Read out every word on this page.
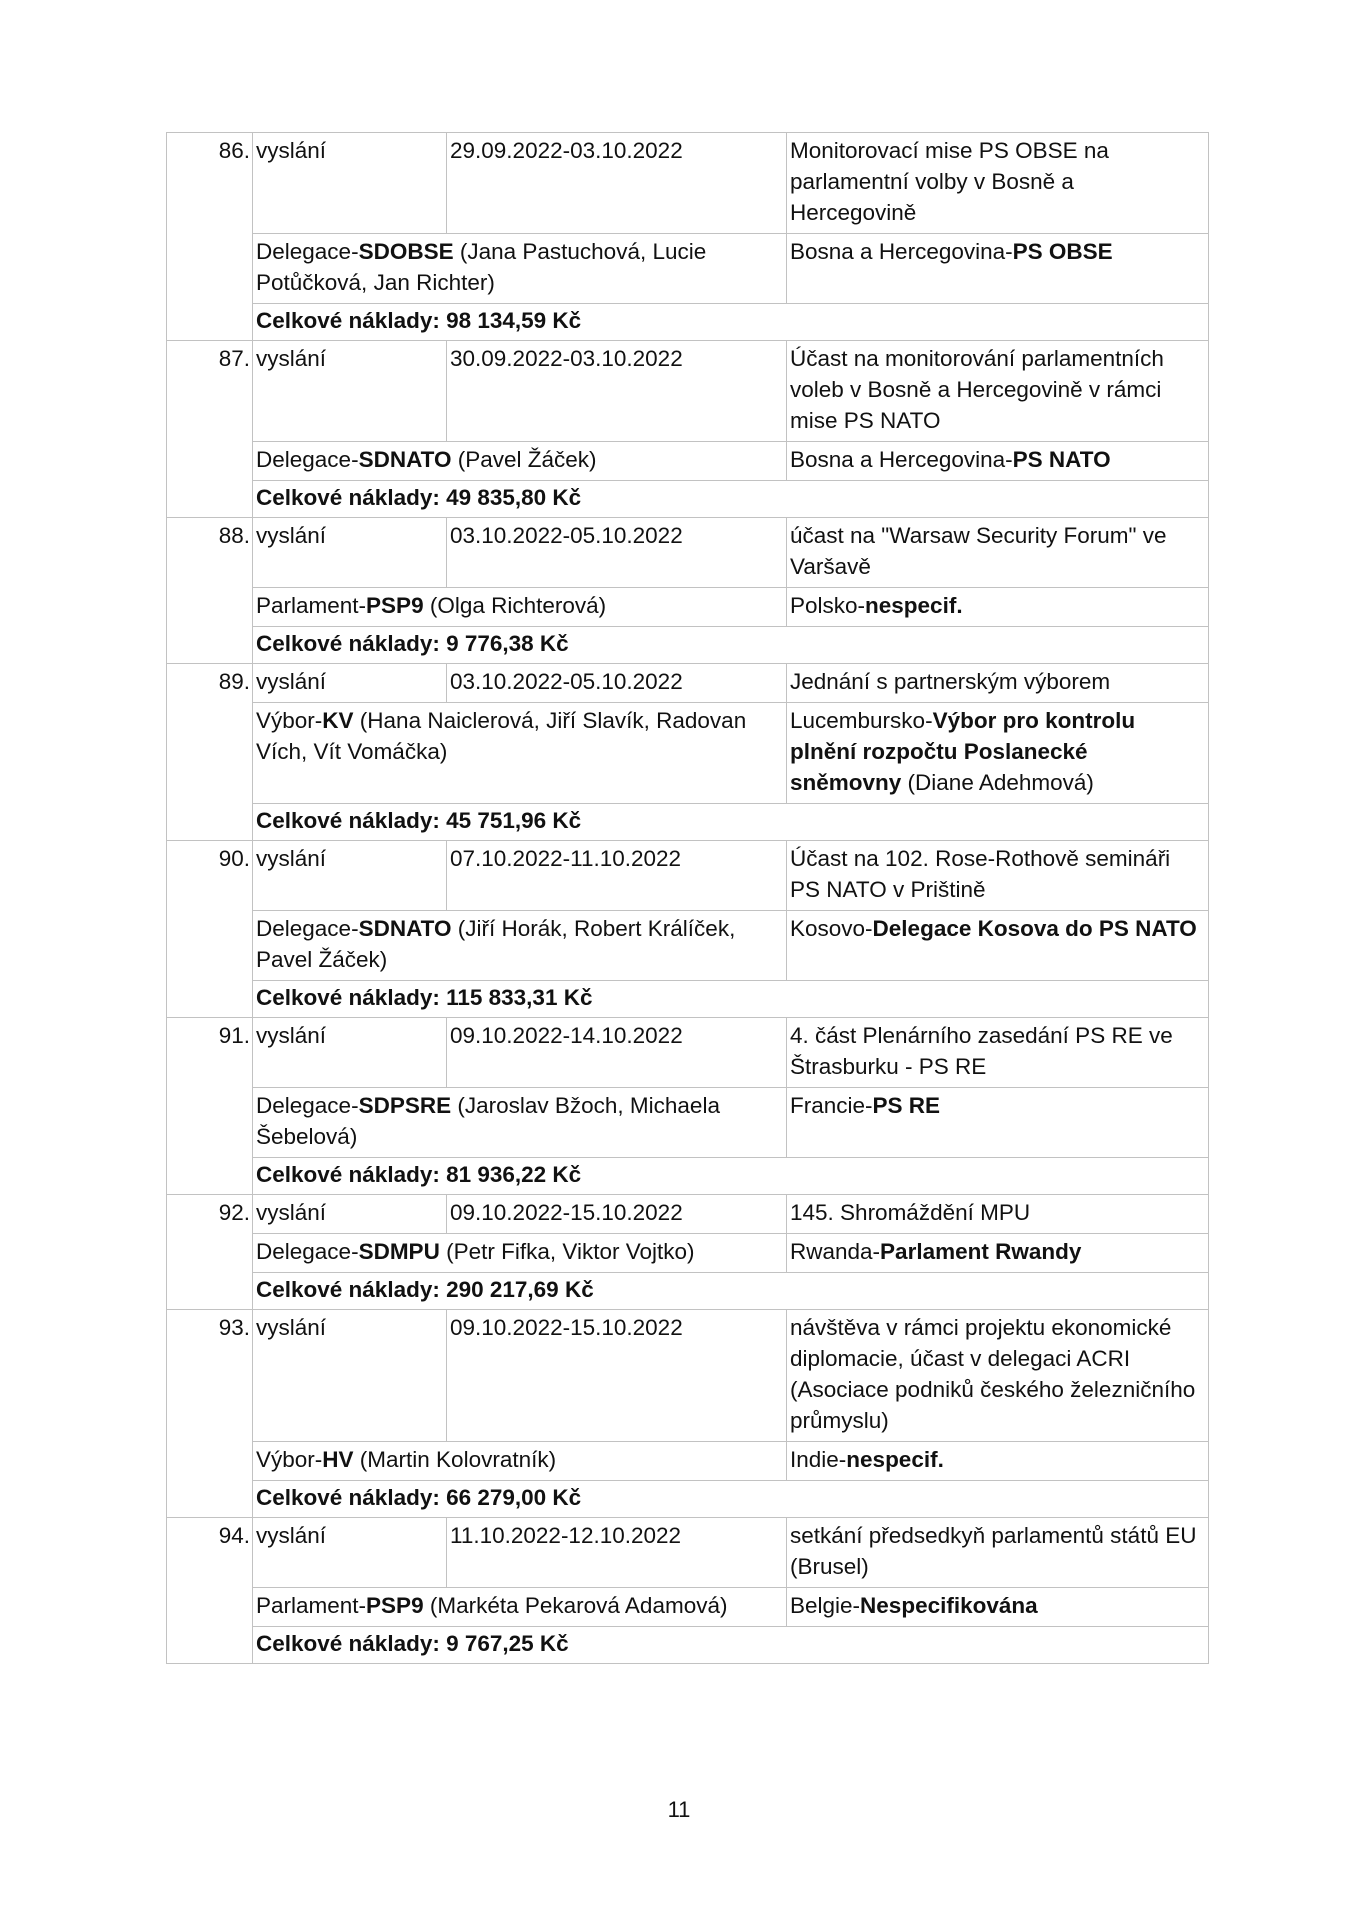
86.	vyslání	29.09.2022-03.10.2022	Monitorovací mise PS OBSE na parlamentní volby v Bosně a Hercegovině
	Delegace-SDOBSE (Jana Pastuchová, Lucie Potůčková, Jan Richter)		Bosna a Hercegovina-PS OBSE
	Celkové náklady: 98 134,59 Kč		
87.	vyslání	30.09.2022-03.10.2022	Účast na monitorování parlamentních voleb v Bosně a Hercegovině v rámci mise PS NATO
	Delegace-SDNATO (Pavel Žáček)		Bosna a Hercegovina-PS NATO
	Celkové náklady: 49 835,80 Kč		
88.	vyslání	03.10.2022-05.10.2022	účast na "Warsaw Security Forum" ve Varšavě
	Parlament-PSP9 (Olga Richterová)		Polsko-nespecif.
	Celkové náklady: 9 776,38 Kč		
89.	vyslání	03.10.2022-05.10.2022	Jednání s partnerským výborem
	Výbor-KV (Hana Naiclerová, Jiří Slavík, Radovan Vích, Vít Vomáčka)		Lucembursko-Výbor pro kontrolu plnění rozpočtu Poslanecké sněmovny (Diane Adehmová)
	Celkové náklady: 45 751,96 Kč		
90.	vyslání	07.10.2022-11.10.2022	Účast na 102. Rose-Rothově semináři PS NATO v Prištině
	Delegace-SDNATO (Jiří Horák, Robert Králíček, Pavel Žáček)		Kosovo-Delegace Kosova do PS NATO
	Celkové náklady: 115 833,31 Kč		
91.	vyslání	09.10.2022-14.10.2022	4. část Plenárního zasedání PS RE ve Štrasburku - PS RE
	Delegace-SDPSRE (Jaroslav Bžoch, Michaela Šebelová)		Francie-PS RE
	Celkové náklady: 81 936,22 Kč		
92.	vyslání	09.10.2022-15.10.2022	145. Shromáždění MPU
	Delegace-SDMPU (Petr Fifka, Viktor Vojtko)		Rwanda-Parlament Rwandy
	Celkové náklady: 290 217,69 Kč		
93.	vyslání	09.10.2022-15.10.2022	návštěva v rámci projektu ekonomické diplomacie, účast v delegaci ACRI (Asociace podniků českého železničního průmyslu)
	Výbor-HV (Martin Kolovratník)		Indie-nespecif.
	Celkové náklady: 66 279,00 Kč		
94.	vyslání	11.10.2022-12.10.2022	setkání předsedkyň parlamentů států EU (Brusel)
	Parlament-PSP9 (Markéta Pekarová Adamová)		Belgie-Nespecifikována
	Celkové náklady: 9 767,25 Kč		
11
